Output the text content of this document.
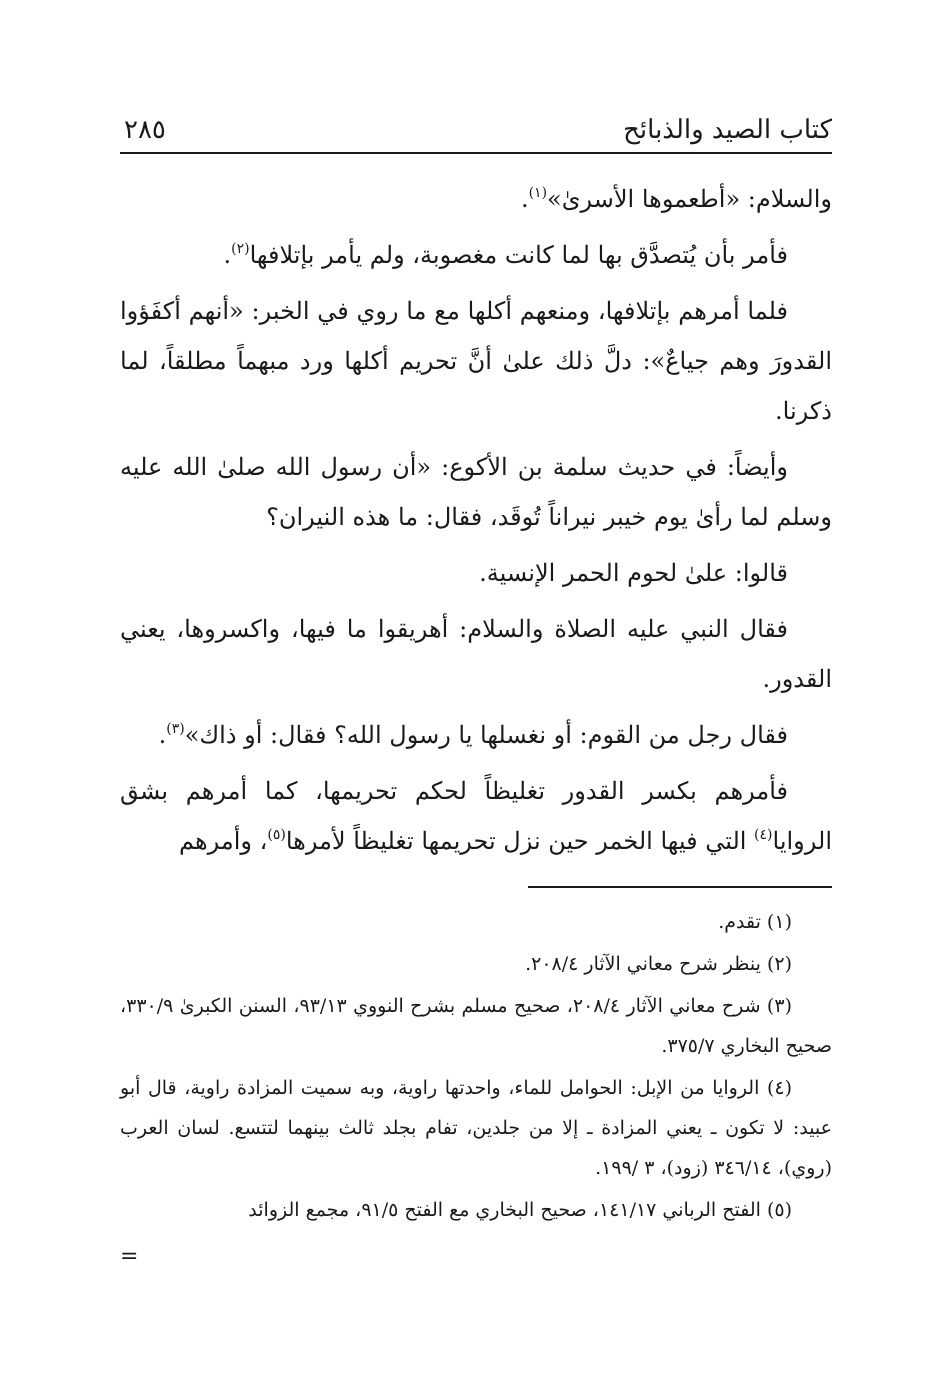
كتاب الصيد والذبائح
٢٨٥

والسلام: «أطعموها الأسرىٰ»$^{(١)}$.

فأمر بأن يُتصدَّق بها لما كانت مغصوبة، ولم يأمر بإتلافها$^{(٢)}$.

فلما أمرهم بإتلافها، ومنعهم أكلها مع ما روي في الخبر: «أنهم أكفَؤوا القدورَ وهم جياعٌ»: دلَّ ذلك علىٰ أنَّ تحريم أكلها ورد مبهماً مطلقاً، لما ذكرنا.

وأيضاً: في حديث سلمة بن الأكوع: «أن رسول الله صلىٰ الله عليه وسلم لما رأىٰ يوم خيبر نيراناً تُوقَد، فقال: ما هذه النيران؟

قالوا: علىٰ لحوم الحمر الإنسية.

فقال النبي عليه الصلاة والسلام: أهريقوا ما فيها، واكسروها، يعني القدور.

فقال رجل من القوم: أو نغسلها يا رسول الله؟ فقال: أو ذاك»$^{(٣)}$.

فأمرهم بكسر القدور تغليظاً لحكم تحريمها، كما أمرهم بشق الروايا$^{(٤)}$ التي فيها الخمر حين نزل تحريمها تغليظاً لأمرها$^{(٥)}$، وأمرهم

(١) تقدم.

(٢) ينظر شرح معاني الآثار ٢٠٨/٤.

(٣) شرح معاني الآثار ٢٠٨/٤، صحيح مسلم بشرح النووي ٩٣/١٣، السنن الكبرىٰ ٣٣٠/٩، صحيح البخاري ٣٧٥/٧.

(٤) الروايا من الإبل: الحوامل للماء، واحدتها راوية، وبه سميت المزادة راوية، قال أبو عبيد: لا تكون ـ يعني المزادة ـ إلا من جلدين، تفام بجلد ثالث بينهما لتتسع. لسان العرب (روي)، ٣٤٦/١٤ (زود)، ٣ /١٩٩.

(٥) الفتح الرباني ١٤١/١٧، صحيح البخاري مع الفتح ٩١/٥، مجمع الزوائد

=
